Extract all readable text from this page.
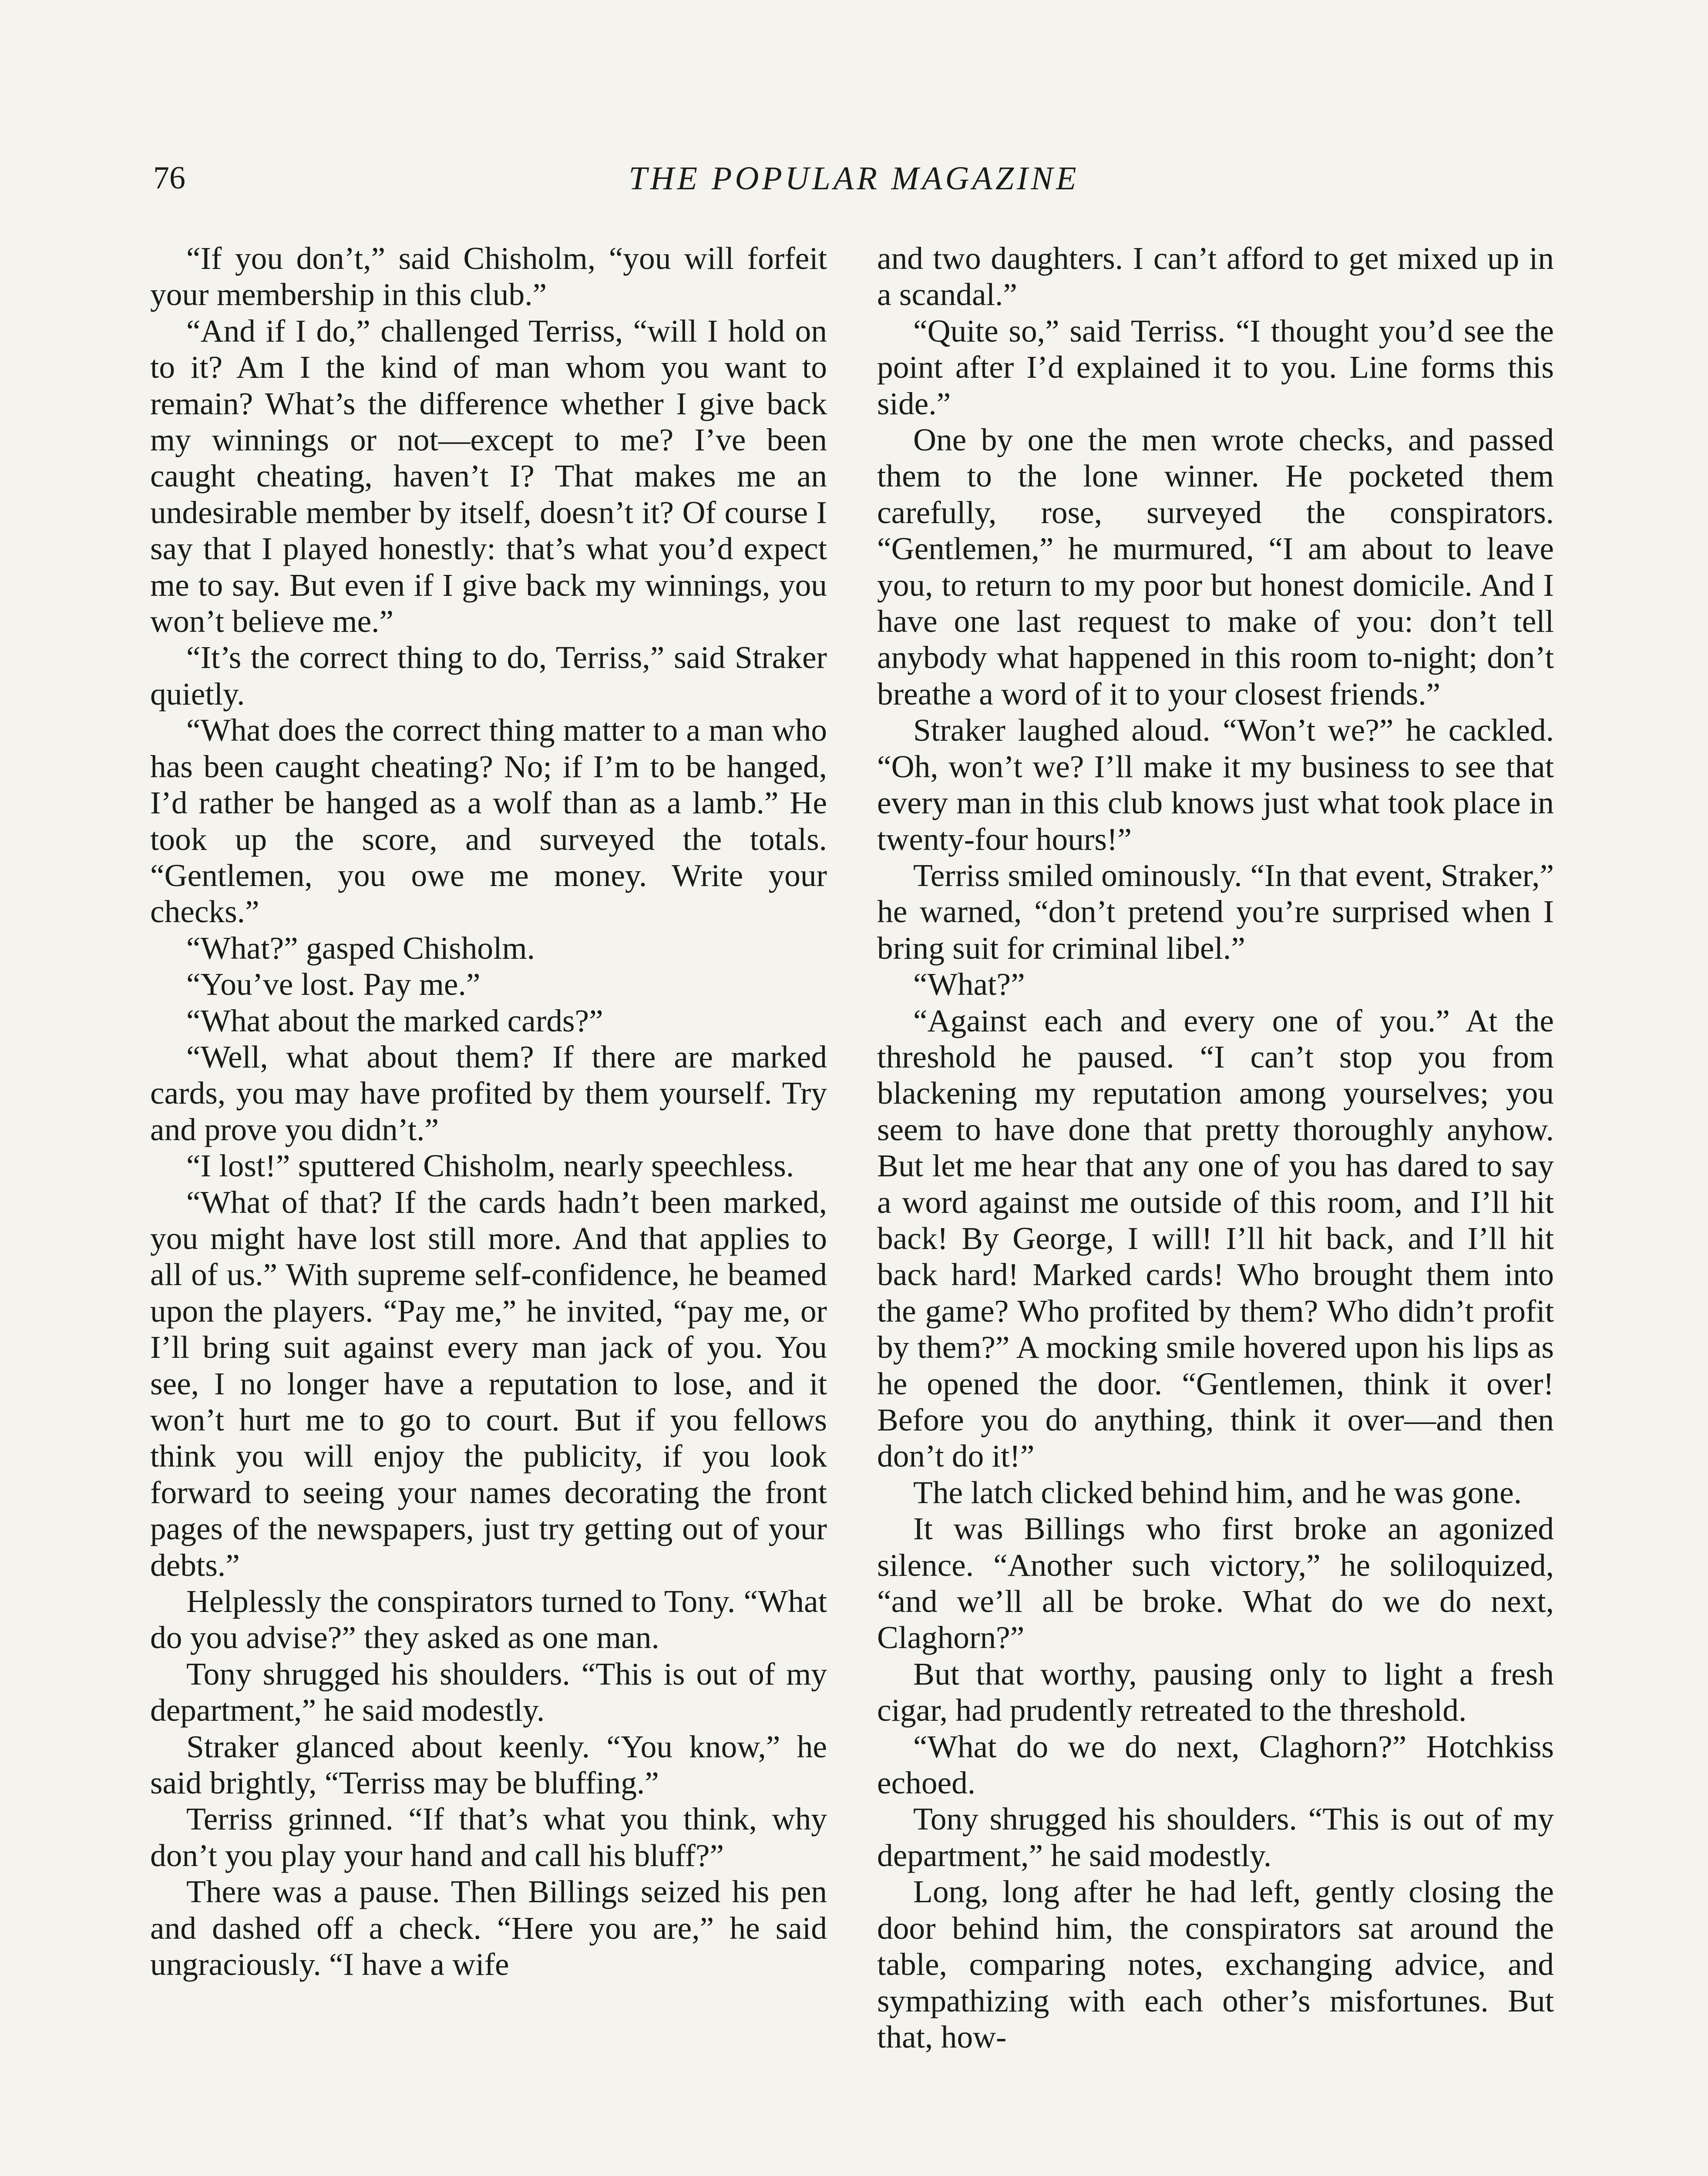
76	THE POPULAR MAGAZINE

“If you don’t,” said Chisholm, “you will forfeit your membership in this club.”

“And if I do,” challenged Terriss, “will I hold on to it? Am I the kind of man whom you want to remain? What’s the difference whether I give back my winnings or not—except to me? I’ve been caught cheating, haven’t I? That makes me an undesirable member by itself, doesn’t it? Of course I say that I played honestly: that’s what you’d expect me to say. But even if I give back my winnings, you won’t believe me.”

“It’s the correct thing to do, Terriss,” said Straker quietly.

“What does the correct thing matter to a man who has been caught cheating? No; if I’m to be hanged, I’d rather be hanged as a wolf than as a lamb.” He took up the score, and surveyed the totals. “Gentlemen, you owe me money. Write your checks.”

“What?” gasped Chisholm.

“You’ve lost. Pay me.”

“What about the marked cards?”

“Well, what about them? If there are marked cards, you may have profited by them yourself. Try and prove you didn’t.”

“I lost!” sputtered Chisholm, nearly speechless.

“What of that? If the cards hadn’t been marked, you might have lost still more. And that applies to all of us.” With supreme self-confidence, he beamed upon the players. “Pay me,” he invited, “pay me, or I’ll bring suit against every man jack of you. You see, I no longer have a reputation to lose, and it won’t hurt me to go to court. But if you fellows think you will enjoy the publicity, if you look forward to seeing your names decorating the front pages of the newspapers, just try getting out of your debts.”

Helplessly the conspirators turned to Tony. “What do you advise?” they asked as one man.

Tony shrugged his shoulders. “This is out of my department,” he said modestly.

Straker glanced about keenly. “You know,” he said brightly, “Terriss may be bluffing.”

Terriss grinned. “If that’s what you think, why don’t you play your hand and call his bluff?”

There was a pause. Then Billings seized his pen and dashed off a check. “Here you are,” he said ungraciously. “I have a wife

and two daughters. I can’t afford to get mixed up in a scandal.”

“Quite so,” said Terriss. “I thought you’d see the point after I’d explained it to you. Line forms this side.”

One by one the men wrote checks, and passed them to the lone winner. He pocketed them carefully, rose, surveyed the conspirators. “Gentlemen,” he murmured, “I am about to leave you, to return to my poor but honest domicile. And I have one last request to make of you: don’t tell anybody what happened in this room to-night; don’t breathe a word of it to your closest friends.”

Straker laughed aloud. “Won’t we?” he cackled. “Oh, won’t we? I’ll make it my business to see that every man in this club knows just what took place in twenty-four hours!”

Terriss smiled ominously. “In that event, Straker,” he warned, “don’t pretend you’re surprised when I bring suit for criminal libel.”

“What?”

“Against each and every one of you.” At the threshold he paused. “I can’t stop you from blackening my reputation among yourselves; you seem to have done that pretty thoroughly anyhow. But let me hear that any one of you has dared to say a word against me outside of this room, and I’ll hit back! By George, I will! I’ll hit back, and I’ll hit back hard! Marked cards! Who brought them into the game? Who profited by them? Who didn’t profit by them?” A mocking smile hovered upon his lips as he opened the door. “Gentlemen, think it over! Before you do anything, think it over—and then don’t do it!”

The latch clicked behind him, and he was gone.

It was Billings who first broke an agonized silence. “Another such victory,” he soliloquized, “and we’ll all be broke. What do we do next, Claghorn?”

But that worthy, pausing only to light a fresh cigar, had prudently retreated to the threshold.

“What do we do next, Claghorn?” Hotchkiss echoed.

Tony shrugged his shoulders. “This is out of my department,” he said modestly.

Long, long after he had left, gently closing the door behind him, the conspirators sat around the table, comparing notes, exchanging advice, and sympathizing with each other’s misfortunes. But that, how-
